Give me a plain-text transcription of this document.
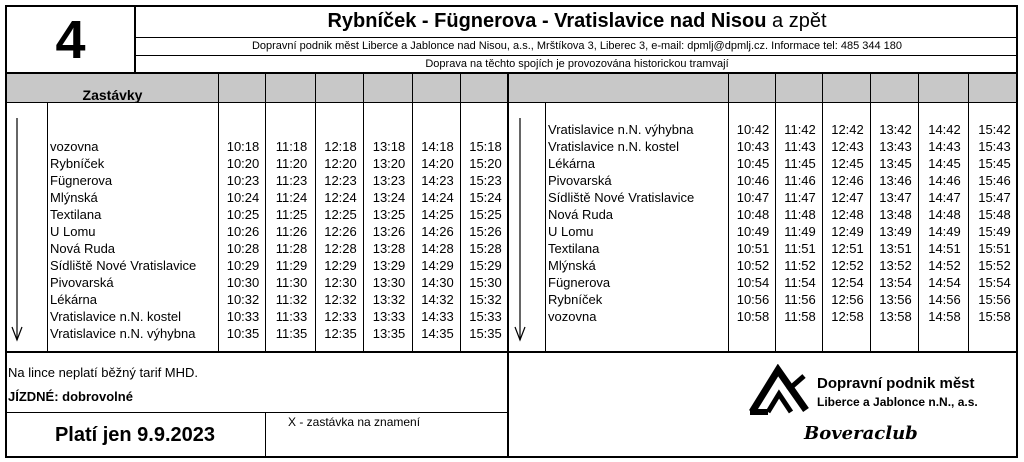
4	Rybníček - Fügnerova - Vratislavice nad Nisou a zpět
Dopravní podnik měst Liberce a Jablonce nad Nisou, a.s., Mrštíkova 3, Liberec 3, e-mail: dpmlj@dpmlj.cz. Informace tel: 485 344 180
Doprava na těchto spojích je provozována historickou tramvají
Zastávky
vozovna	10:18	11:18	12:18	13:18	14:18	15:18
Rybníček	10:20	11:20	12:20	13:20	14:20	15:20
Fügnerova	10:23	11:23	12:23	13:23	14:23	15:23
Mlýnská	10:24	11:24	12:24	13:24	14:24	15:24
Textilana	10:25	11:25	12:25	13:25	14:25	15:25
U Lomu	10:26	11:26	12:26	13:26	14:26	15:26
Nová Ruda	10:28	11:28	12:28	13:28	14:28	15:28
Sídliště Nové Vratislavice	10:29	11:29	12:29	13:29	14:29	15:29
Pivovarská	10:30	11:30	12:30	13:30	14:30	15:30
Lékárna	10:32	11:32	12:32	13:32	14:32	15:32
Vratislavice n.N. kostel	10:33	11:33	12:33	13:33	14:33	15:33
Vratislavice n.N. výhybna	10:35	11:35	12:35	13:35	14:35	15:35
Vratislavice n.N. výhybna	10:42	11:42	12:42	13:42	14:42	15:42
Vratislavice n.N. kostel	10:43	11:43	12:43	13:43	14:43	15:43
Lékárna	10:45	11:45	12:45	13:45	14:45	15:45
Pivovarská	10:46	11:46	12:46	13:46	14:46	15:46
Sídliště Nové Vratislavice	10:47	11:47	12:47	13:47	14:47	15:47
Nová Ruda	10:48	11:48	12:48	13:48	14:48	15:48
U Lomu	10:49	11:49	12:49	13:49	14:49	15:49
Textilana	10:51	11:51	12:51	13:51	14:51	15:51
Mlýnská	10:52	11:52	12:52	13:52	14:52	15:52
Fügnerova	10:54	11:54	12:54	13:54	14:54	15:54
Rybníček	10:56	11:56	12:56	13:56	14:56	15:56
vozovna	10:58	11:58	12:58	13:58	14:58	15:58
Na lince neplatí běžný tarif MHD.
JÍZDNÉ: dobrovolné
Platí jen 9.9.2023
X - zastávka na znamení
Dopravní podnik měst
Liberce a Jablonce n.N., a.s.
Boveraclub
